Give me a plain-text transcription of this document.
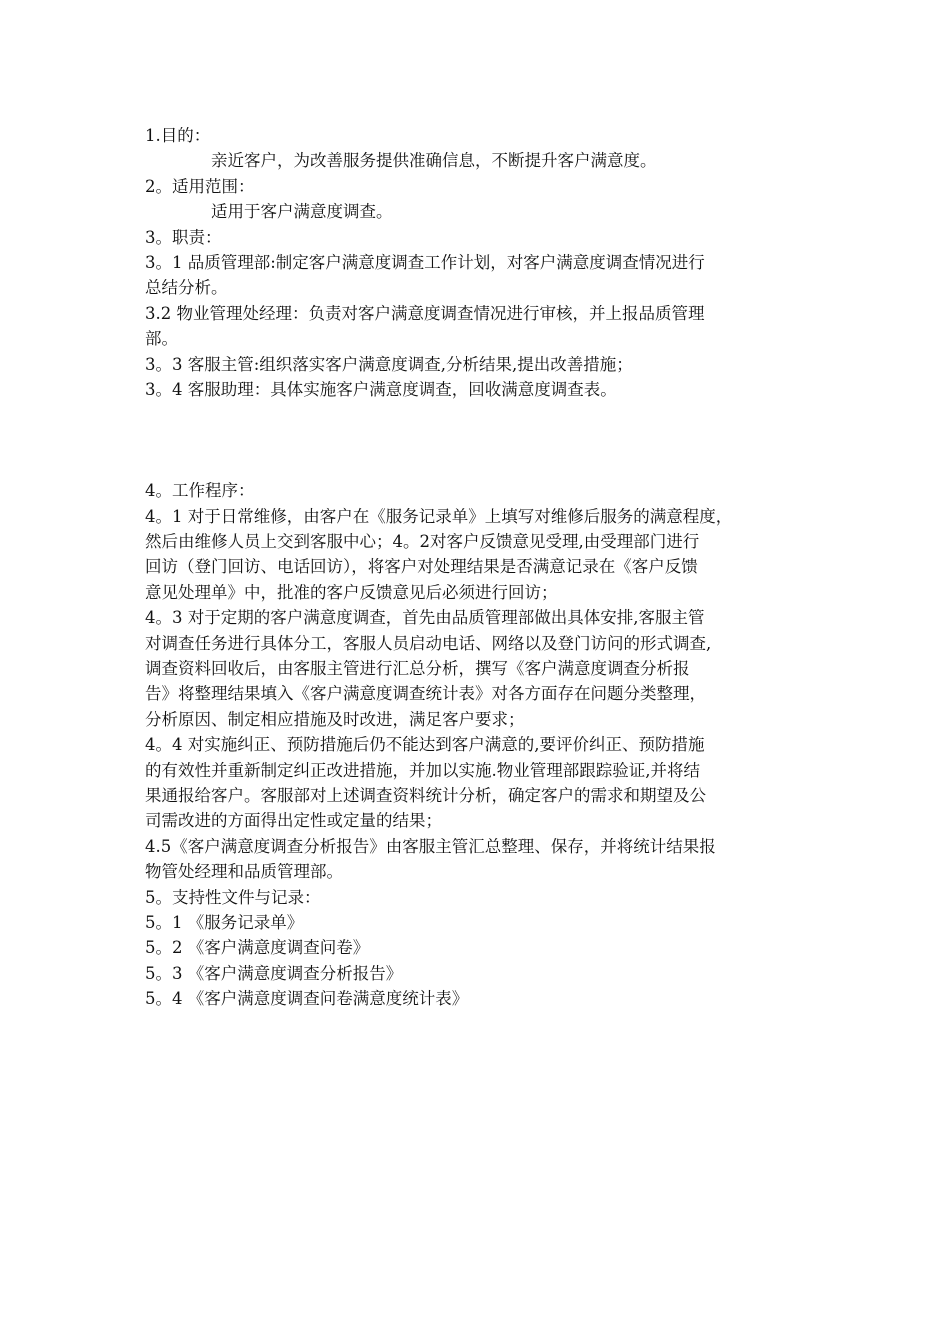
1.目的：
亲近客户，为改善服务提供准确信息，不断提升客户满意度。
2。适用范围：
适用于客户满意度调查。
3。职责：
3。1 品质管理部:制定客户满意度调查工作计划，对客户满意度调查情况进行
总结分析。
3.2 物业管理处经理：负责对客户满意度调查情况进行审核，并上报品质管理
部。
3。3 客服主管:组织落实客户满意度调查,分析结果,提出改善措施；
3。4 客服助理：具体实施客户满意度调查，回收满意度调查表。
4。工作程序：
4。1 对于日常维修，由客户在《服务记录单》上填写对维修后服务的满意程度，
然后由维修人员上交到客服中心；4。2对客户反馈意见受理,由受理部门进行
回访（登门回访、电话回访），将客户对处理结果是否满意记录在《客户反馈
意见处理单》中，批准的客户反馈意见后必须进行回访；
4。3 对于定期的客户满意度调查，首先由品质管理部做出具体安排,客服主管
对调查任务进行具体分工，客服人员启动电话、网络以及登门访问的形式调查,
调查资料回收后，由客服主管进行汇总分析，撰写《客户满意度调查分析报
告》将整理结果填入《客户满意度调查统计表》对各方面存在问题分类整理，
分析原因、制定相应措施及时改进，满足客户要求；
4。4 对实施纠正、预防措施后仍不能达到客户满意的,要评价纠正、预防措施
的有效性并重新制定纠正改进措施，并加以实施.物业管理部跟踪验证,并将结
果通报给客户。客服部对上述调查资料统计分析，确定客户的需求和期望及公
司需改进的方面得出定性或定量的结果；
4.5《客户满意度调查分析报告》由客服主管汇总整理、保存，并将统计结果报
物管处经理和品质管理部。
5。支持性文件与记录：
5。1 《服务记录单》
5。2 《客户满意度调查问卷》
5。3 《客户满意度调查分析报告》
5。4 《客户满意度调查问卷满意度统计表》
